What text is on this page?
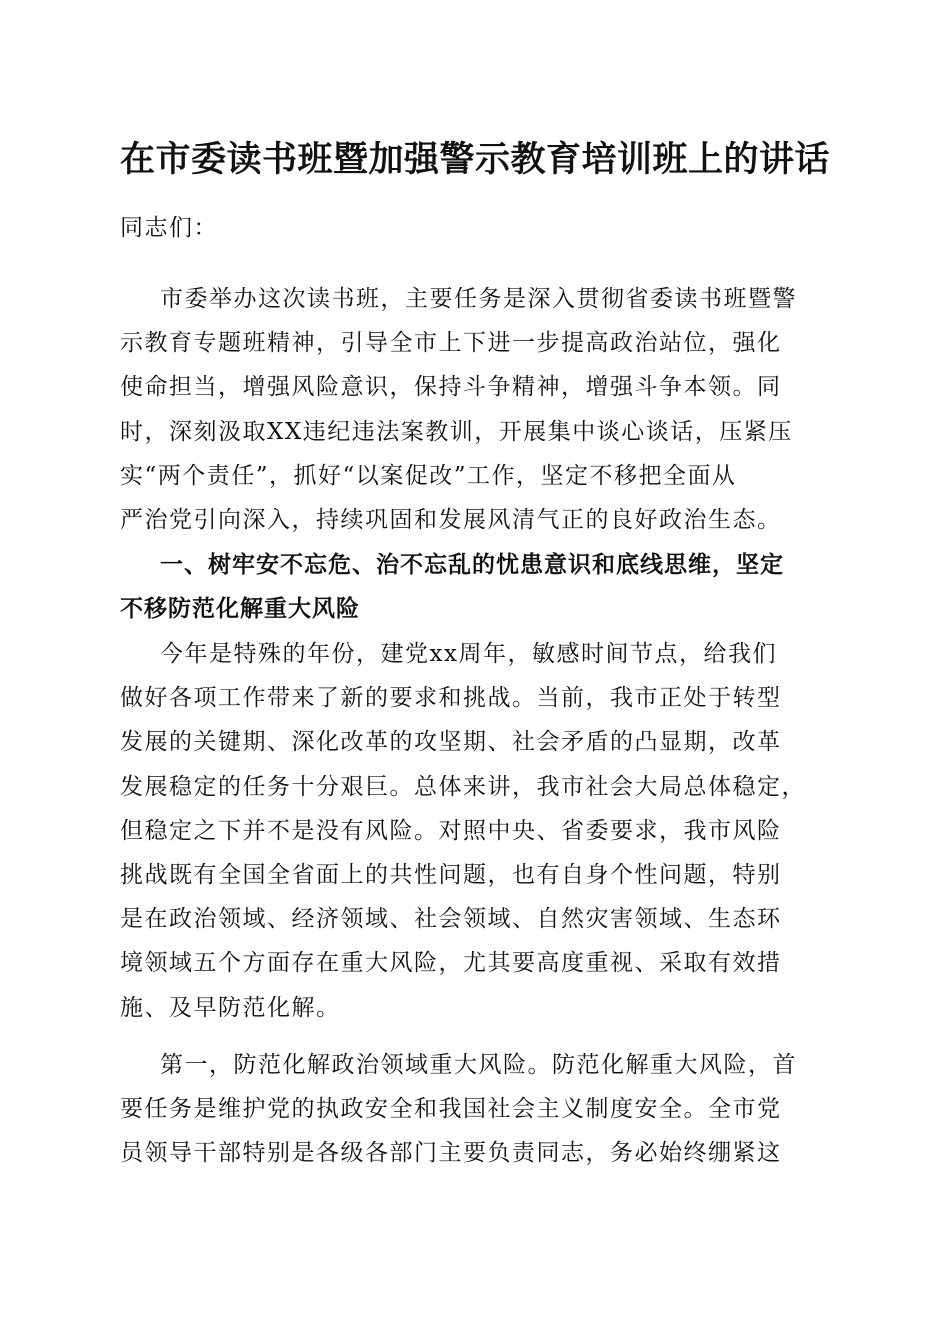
在市委读书班暨加强警示教育培训班上的讲话

同志们：

市委举办这次读书班，主要任务是深入贯彻省委读书班暨警
示教育专题班精神，引导全市上下进一步提高政治站位，强化
使命担当，增强风险意识，保持斗争精神，增强斗争本领。同
时，深刻汲取XX违纪违法案教训，开展集中谈心谈话，压紧压
实“两个责任”，抓好“以案促改”工作，坚定不移把全面从
严治党引向深入，持续巩固和发展风清气正的良好政治生态。

一、树牢安不忘危、治不忘乱的忧患意识和底线思维，坚定
不移防范化解重大风险

今年是特殊的年份，建党xx周年，敏感时间节点，给我们
做好各项工作带来了新的要求和挑战。当前，我市正处于转型
发展的关键期、深化改革的攻坚期、社会矛盾的凸显期，改革
发展稳定的任务十分艰巨。总体来讲，我市社会大局总体稳定，
但稳定之下并不是没有风险。对照中央、省委要求，我市风险
挑战既有全国全省面上的共性问题，也有自身个性问题，特别
是在政治领域、经济领域、社会领域、自然灾害领域、生态环
境领域五个方面存在重大风险，尤其要高度重视、采取有效措
施、及早防范化解。

第一，防范化解政治领域重大风险。防范化解重大风险，首
要任务是维护党的执政安全和我国社会主义制度安全。全市党
员领导干部特别是各级各部门主要负责同志，务必始终绷紧这
